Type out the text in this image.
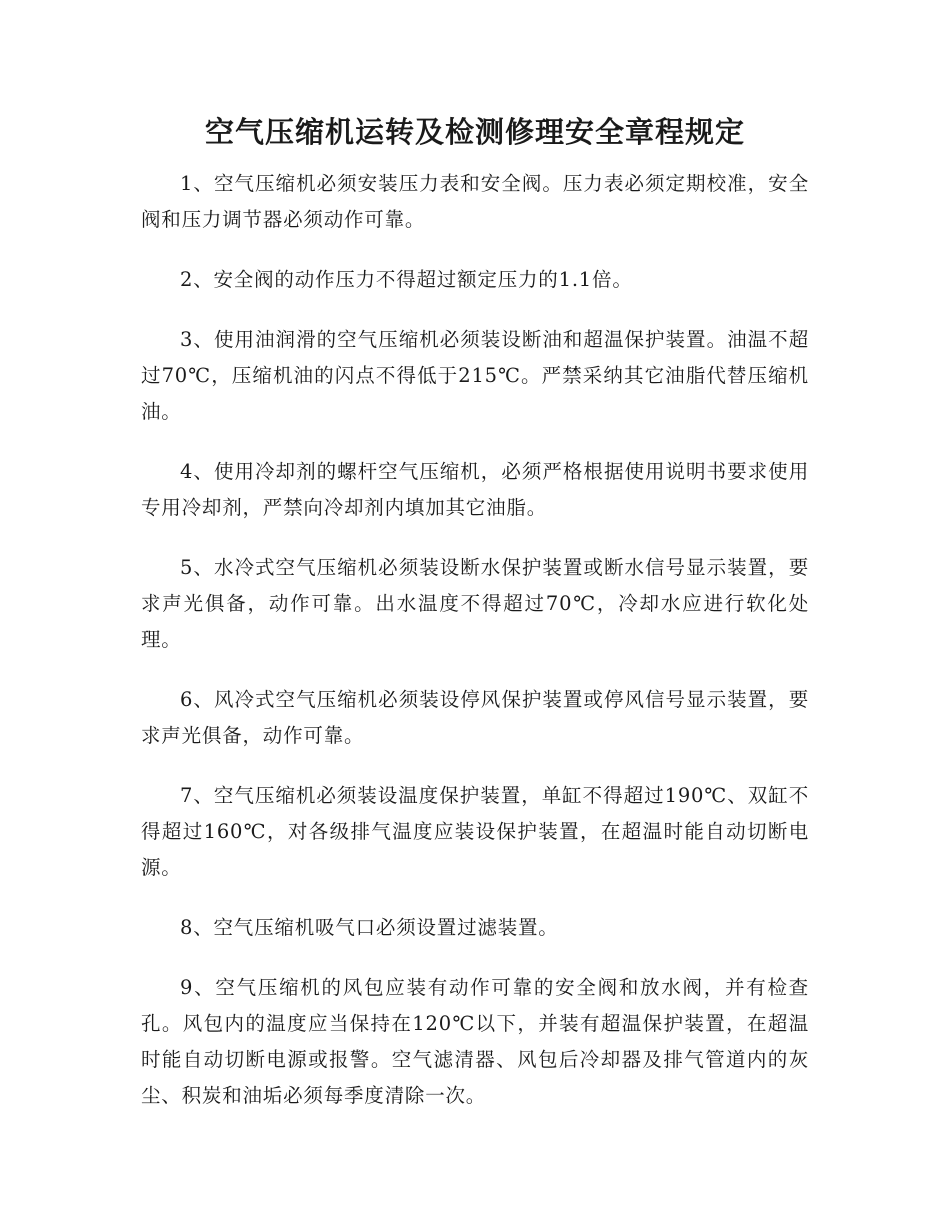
空气压缩机运转及检测修理安全章程规定

1、空气压缩机必须安装压力表和安全阀。压力表必须定期校准，安全阀和压力调节器必须动作可靠。

2、安全阀的动作压力不得超过额定压力的1.1倍。

3、使用油润滑的空气压缩机必须装设断油和超温保护装置。油温不超过70℃，压缩机油的闪点不得低于215℃。严禁采纳其它油脂代替压缩机油。

4、使用冷却剂的螺杆空气压缩机，必须严格根据使用说明书要求使用专用冷却剂，严禁向冷却剂内填加其它油脂。

5、水冷式空气压缩机必须装设断水保护装置或断水信号显示装置，要求声光俱备，动作可靠。出水温度不得超过70℃，冷却水应进行软化处理。

6、风冷式空气压缩机必须装设停风保护装置或停风信号显示装置，要求声光俱备，动作可靠。

7、空气压缩机必须装设温度保护装置，单缸不得超过190℃、双缸不得超过160℃，对各级排气温度应装设保护装置，在超温时能自动切断电源。

8、空气压缩机吸气口必须设置过滤装置。

9、空气压缩机的风包应装有动作可靠的安全阀和放水阀，并有检查孔。风包内的温度应当保持在120℃以下，并装有超温保护装置，在超温时能自动切断电源或报警。空气滤清器、风包后冷却器及排气管道内的灰尘、积炭和油垢必须每季度清除一次。
